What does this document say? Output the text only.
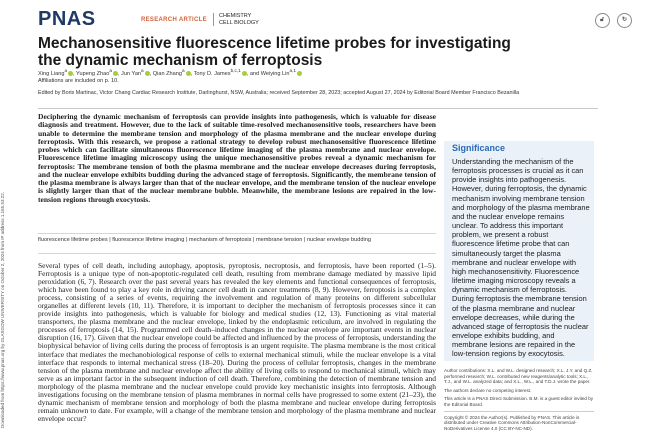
Downloaded from https://www.pnas.org by GLASGOW UNIVERSITY on October 2, 2024 from IP address 1.165.53.22.
PNAS	RESEARCH ARTICLE
CHEMISTRY
CELL BIOLOGY	🔓︎	↻
Mechanosensitive fluorescence lifetime probes for investigating
the dynamic mechanism of ferroptosis
Xing Liang$^a$, Yupeng Zhao$^a$, Jun Yan$^a$, Qian Zhang$^a$, Tony D. James$^{b,c,1}$, and Weiying Lin$^{a,1}$
Affiliations are included on p. 10.
Edited by Boris Martinac, Victor Chang Cardiac Research Institute, Darlinghurst, NSW, Australia; received September 28, 2023; accepted August 27, 2024 by Editorial Board Member Francisco Bezanilla
Deciphering the dynamic mechanism of ferroptosis can provide insights into pathogenesis, which is valuable for disease diagnosis and treatment. However, due to the lack of suitable time-resolved mechanosensitive tools, researchers have been unable to determine the membrane tension and morphology of the plasma membrane and the nuclear envelope during ferroptosis. With this research, we propose a rational strategy to develop robust mechanosensitive fluorescence lifetime probes which can facilitate simultaneous fluorescence lifetime imaging of the plasma membrane and nuclear envelope. Fluorescence lifetime imaging microscopy using the unique mechanosensitive probes reveal a dynamic mechanism for ferroptosis: The membrane tension of both the plasma membrane and the nuclear envelope decreases during ferroptosis, and the nuclear envelope exhibits budding during the advanced stage of ferroptosis. Significantly, the membrane tension of the plasma membrane is always larger than that of the nuclear envelope, and the membrane tension of the nuclear envelope is slightly larger than that of the nuclear membrane bubble. Meanwhile, the membrane lesions are repaired in the low-tension regions through exocytosis.
fluorescence lifetime probes | fluorescence lifetime imaging | mechanism of ferroptosis | membrane tension | nuclear envelope budding
Several types of cell death, including autophagy, apoptosis, pyroptosis, necroptosis, and ferroptosis, have been reported (1–5). Ferroptosis is a unique type of non-apoptotic-regulated cell death, resulting from membrane damage mediated by massive lipid peroxidation (6, 7). Research over the past several years has revealed the key elements and functional consequences of ferroptosis, which have been found to play a key role in driving cancer cell death in cancer treatments (8, 9). However, ferroptosis is a complex process, consisting of a series of events, requiring the involvement and regulation of many proteins on different subcellular organelles at different levels (10, 11). Therefore, it is important to decipher the mechanism of ferroptosis processes since it can provide insights into pathogenesis, which is valuable for biology and medical studies (12, 13). Functioning as vital material transporters, the plasma membrane and the nuclear envelope, linked by the endoplasmic reticulum, are involved in regulating the processes of ferroptosis (14, 15). Programmed cell death–induced changes in the nuclear envelope are important events in nuclear disruption (16, 17). Given that the nuclear envelope could be affected and influenced by the process of ferroptosis, understanding the biophysical behavior of living cells during the process of ferroptosis is an urgent requisite. The plasma membrane is the most critical interface that mediates the mechanobiological response of cells to external mechanical stimuli, while the nuclear envelope is a vital interface that responds to internal mechanical stress (18–20). During the process of cellular ferroptosis, changes in the membrane tension of the plasma membrane and nuclear envelope affect the ability of living cells to respond to mechanical stimuli, which may serve as an important factor in the subsequent induction of cell death. Therefore, combining the detection of membrane tension and morphology of the plasma membrane and the nuclear envelope could provide key mechanistic insights into ferroptosis. Although investigations focusing on the membrane tension of plasma membranes in normal cells have progressed to some extent (21–23), the dynamic mechanism of membrane tension and morphology of both the plasma membrane and nuclear envelope during ferroptosis remain unknown to date. For example, will a change of the membrane tension and morphology of the plasma membrane and nuclear envelope occur?
Significance
Understanding the mechanism of the ferroptosis processes is crucial as it can provide insights into pathogenesis. However, during ferroptosis, the dynamic mechanism involving membrane tension and morphology of the plasma membrane and the nuclear envelope remains unclear. To address this important problem, we present a robust fluorescence lifetime probe that can simultaneously target the plasma membrane and nuclear envelope with high mechanosensitivity. Fluorescence lifetime imaging microscopy reveals a dynamic mechanism of ferroptosis. During ferroptosis the membrane tension of the plasma membrane and nuclear envelope decreases, while during the advanced stage of ferroptosis the nuclear envelope exhibits budding, and membrane lesions are repaired in the low-tension regions by exocytosis.

Author contributions: X.L. and W.L. designed research; X.L. J.Y. and Q.Z. performed research; W.L. contributed new reagents/analytic tools; X.L., T.J., and W.L. analyzed data; and X.L., W.L., and T.D.J. wrote the paper.

The authors declare no competing interest.

This article is a PNAS Direct Submission. B.M. is a guest editor invited by the Editorial Board.

Copyright © 2024 the Author(s). Published by PNAS. This article is distributed under Creative Commons Attribution-NonCommercial-NoDerivatives License 4.0 (CC BY-NC-ND).
